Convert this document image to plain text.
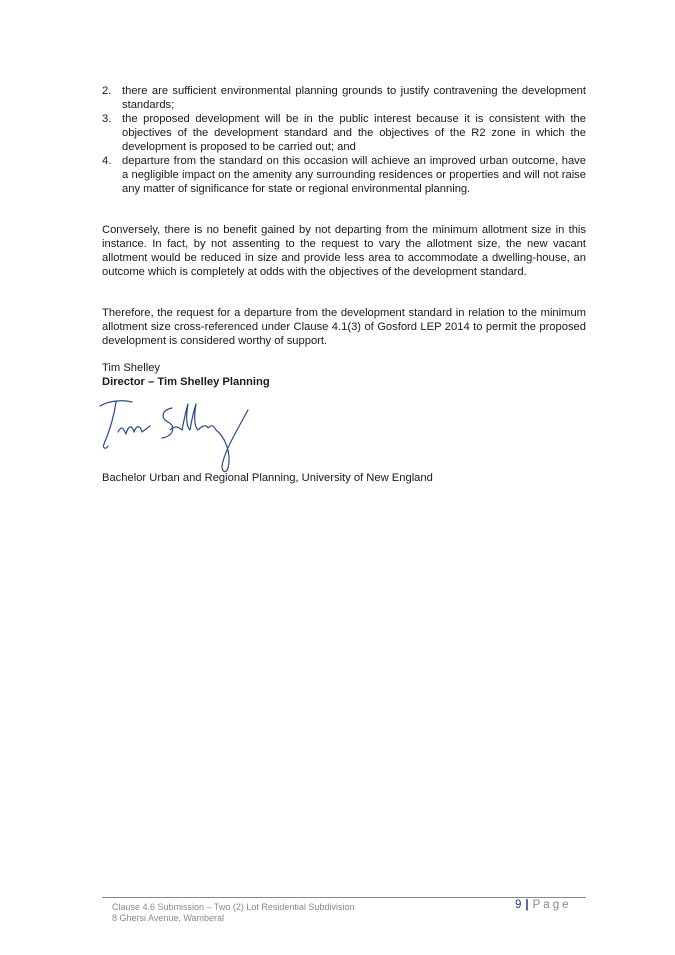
2. there are sufficient environmental planning grounds to justify contravening the development standards;
3. the proposed development will be in the public interest because it is consistent with the objectives of the development standard and the objectives of the R2 zone in which the development is proposed to be carried out; and
4. departure from the standard on this occasion will achieve an improved urban outcome, have a negligible impact on the amenity any surrounding residences or properties and will not raise any matter of significance for state or regional environmental planning.

Conversely, there is no benefit gained by not departing from the minimum allotment size in this instance. In fact, by not assenting to the request to vary the allotment size, the new vacant allotment would be reduced in size and provide less area to accommodate a dwelling-house, an outcome which is completely at odds with the objectives of the development standard.

Therefore, the request for a departure from the development standard in relation to the minimum allotment size cross-referenced under Clause 4.1(3) of Gosford LEP 2014 to permit the proposed development is considered worthy of support.

Tim Shelley
Director – Tim Shelley Planning
Bachelor Urban and Regional Planning, University of New England
Clause 4.6 Submission – Two (2) Lot Residential Subdivision
8 Ghersi Avenue, Wamberal
9 | Page
